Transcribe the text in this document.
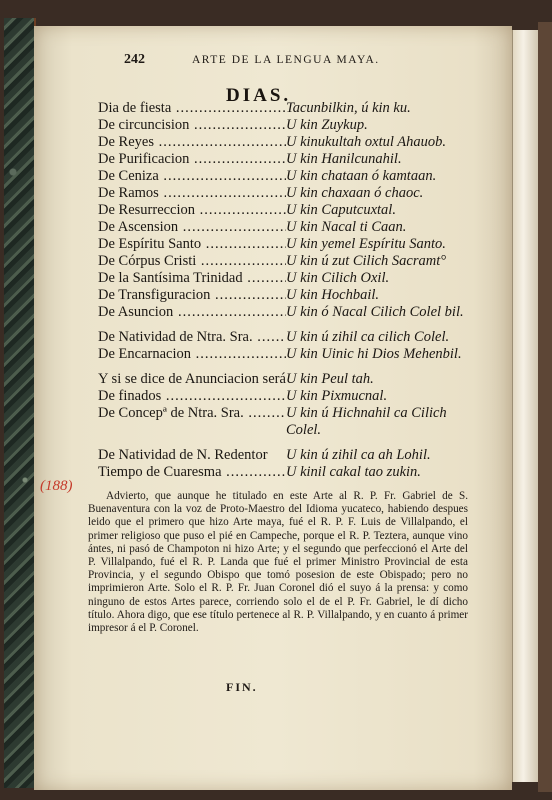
242	ARTE DE LA LENGUA MAYA.
DIAS.
Dia de fiesta .....	Tacunbilkin, ú kin ku.
De circuncision .....	U kin Zuykup.
De Reyes .....	U kinukultah oxtul Ahauob.
De Purificacion .....	U kin Hanilcunahil.
De Ceniza .....	U kin chataan ó kamtaan.
De Ramos .....	U kin chaxaan ó chaoc.
De Resurreccion .....	U kin Caputcuxtal.
De Ascension .....	U kin Nacal ti Caan.
De Espíritu Santo .....	U kin yemel Espíritu Santo.
De Córpus Cristi .....	U kin ú zut Cilich Sacramt°
De la Santísima Trinidad .....	U kin Cilich Oxil.
De Transfiguracion .....	U kin Hochbail.
De Asuncion .....	U kin ó Nacal Cilich Colel bil.
De Natividad de Ntra. Sra. .....	U kin ú zihil ca cilich Colel.
De Encarnacion .....	U kin Uinic hi Dios Mehenbil.
Y si se dice de Anunciacion será U kin Peul tah.
De finados .....	U kin Pixmucnal.
De Concepª de Ntra. Sra. .....	U kin ú Hichnahil ca Cilich Colel.
De Natividad de N. Redentor	U kin ú zihil ca ah Lohil.
Tiempo de Cuaresma .....	U kinil cakal tao zukin.
(188)
Advierto, que aunque he titulado en este Arte al R. P. Fr. Gabriel de S. Buenaventura con la voz de Proto-Maestro del Idioma yucateco, habiendo despues leido que el primero que hizo Arte maya, fué el R. P. F. Luis de Villalpando, el primer religioso que puso el pié en Campeche, porque el R. P. Teztera, aunque vino ántes, ni pasó de Champoton ni hizo Arte; y el segundo que perfeccionó el Arte del P. Villalpando, fué el R. P. Landa que fué el primer Ministro Provincial de esta Provincia, y el segundo Obispo que tomó posesion de este Obispado; pero no imprimieron Arte. Solo el R. P. Fr. Juan Coronel dió el suyo á la prensa: y como ninguno de estos Artes parece, corriendo solo el de el P. Fr. Gabriel, le dí dicho título. Ahora digo, que ese título pertenece al R. P. Villalpando, y en cuanto á primer impresor á el P. Coronel.
FIN.
